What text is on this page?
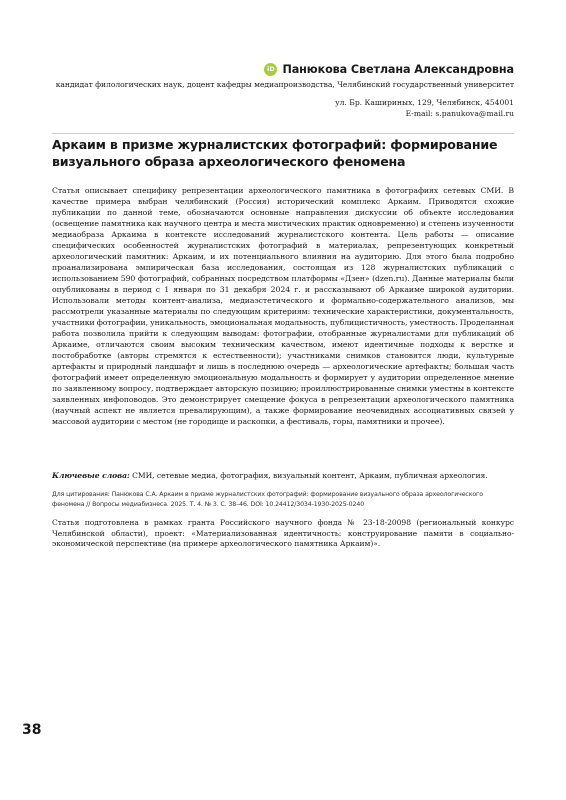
iD Панюкова Светлана Александровна
кандидат филологических наук, доцент кафедры медиапроизводства, Челябинский государственный университет
ул. Бр. Кашириных, 129, Челябинск, 454001
E-mail: s.panukova@mail.ru
Аркаим в призме журналистских фотографий: формирование визуального образа археологического феномена

Статья описывает специфику репрезентации археологического памятника в фотографиях сетевых СМИ. В качестве примера выбран челябинский (Россия) исторический комплекс Аркаим. Приводятся схожие публикации по данной теме, обозначаются основные направления дискуссии об объекте исследования (освещение памятника как научного центра и места мистических практик одновременно) и степень изученности медиаобраза Аркаима в контексте исследований журналистского контента. Цель работы — описание специфических особенностей журналистских фотографий в материалах, репрезентующих конкретный археологический памятник: Аркаим, и их потенциального влияния на аудиторию. Для этого была подробно проанализирована эмпирическая база исследования, состоящая из 128 журналистских публикаций с использованием 590 фотографий, собранных посредством платформы «Дзен» (dzen.ru). Данные материалы были опубликованы в период с 1 января по 31 декабря 2024 г. и рассказывают об Аркаиме широкой аудитории. Использовали методы контент-анализа, медиаэстетического и формально-содержательного анализов, мы рассмотрели указанные материалы по следующим критериям: технические характеристики, документальность, участники фотографии, уникальность, эмоциональная модальность, публицистичность, уместность. Проделанная работа позволила прийти к следующим выводам: фотографии, отобранные журналистами для публикаций об Аркаиме, отличаются своим высоким техническим качеством, имеют идентичные подходы к верстке и постобработке (авторы стремятся к естественности); участниками снимков становятся люди, культурные артефакты и природный ландшафт и лишь в последнюю очередь — археологические артефакты; большая часть фотографий имеет определенную эмоциональную модальность и формирует у аудитории определенное мнение по заявленному вопросу, подтверждает авторскую позицию; проиллюстрированные снимки уместны в контексте заявленных инфоповодов. Это демонстрирует смещение фокуса в репрезентации археологического памятника (научный аспект не является превалирующим), а также формирование неочевидных ассоциативных связей у массовой аудитории с местом (не городище и раскопки, а фестиваль, горы, памятники и прочее).

Ключевые слова: СМИ, сетевые медиа, фотография, визуальный контент, Аркаим, публичная археология.

Для цитирования: Панюкова С.А. Аркаим в призме журналистских фотографий: формирование визуального образа археологического феномена // Вопросы медиабизнеса. 2025. Т. 4. № 3. С. 38–46. DOI: 10.24412/3034-1930-2025-0240

Статья подготовлена в рамках гранта Российского научного фонда № 23-18-20098 (региональный конкурс Челябинской области), проект: «Материализованная идентичность: конструирование памяти в социально-экономической перспективе (на примере археологического памятника Аркаим)».

38
